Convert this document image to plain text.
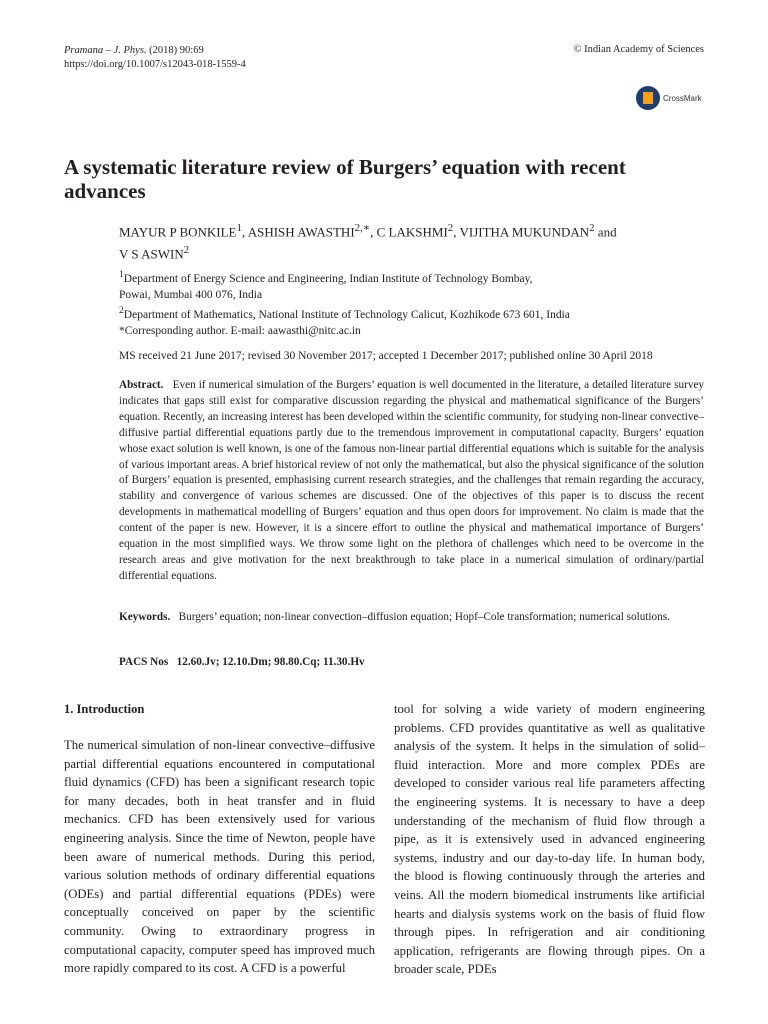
Pramana – J. Phys. (2018) 90:69
https://doi.org/10.1007/s12043-018-1559-4
© Indian Academy of Sciences
CrossMark
A systematic literature review of Burgers’ equation with recent advances
MAYUR P BONKILE$^1$, ASHISH $AWASTHI^{2,∗}$, C LAKSHMI$^2$, VIJITHA MUKUNDAN$^2$ and
V S ASWIN$^2$
$^1$Department of Energy Science and Engineering, Indian Institute of Technology Bombay,
Powai, Mumbai 400 076, India
$^2$Department of Mathematics, National Institute of Technology Calicut, Kozhikode 673 601, India
*Corresponding author. E-mail: aawasthi@nitc.ac.in
MS received 21 June 2017; revised 30 November 2017; accepted 1 December 2017; published online 30 April 2018
Abstract. Even if numerical simulation of the Burgers’ equation is well documented in the literature, a detailed literature survey indicates that gaps still exist for comparative discussion regarding the physical and mathematical significance of the Burgers’ equation. Recently, an increasing interest has been developed within the scientific community, for studying non-linear convective–diffusive partial differential equations partly due to the tremendous improvement in computational capacity. Burgers’ equation whose exact solution is well known, is one of the famous non-linear partial differential equations which is suitable for the analysis of various important areas. A brief historical review of not only the mathematical, but also the physical significance of the solution of Burgers’ equation is presented, emphasising current research strategies, and the challenges that remain regarding the accuracy, stability and convergence of various schemes are discussed. One of the objectives of this paper is to discuss the recent developments in mathematical modelling of Burgers’ equation and thus open doors for improvement. No claim is made that the content of the paper is new. However, it is a sincere effort to outline the physical and mathematical importance of Burgers’ equation in the most simplified ways. We throw some light on the plethora of challenges which need to be overcome in the research areas and give motivation for the next breakthrough to take place in a numerical simulation of ordinary/partial differential equations.
Keywords. Burgers’ equation; non-linear convection–diffusion equation; Hopf–Cole transformation; numerical solutions.
PACS Nos 12.60.Jv; 12.10.Dm; 98.80.Cq; 11.30.Hv
1. Introduction
The numerical simulation of non-linear convective–diffusive partial differential equations encountered in computational fluid dynamics (CFD) has been a significant research topic for many decades, both in heat transfer and in fluid mechanics. CFD has been extensively used for various engineering analysis. Since the time of Newton, people have been aware of numerical methods. During this period, various solution methods of ordinary differential equations (ODEs) and partial differential equations (PDEs) were conceptually conceived on paper by the scientific community. Owing to extraordinary progress in computational capacity, computer speed has improved much more rapidly compared to its cost. A CFD is a powerful
tool for solving a wide variety of modern engineering problems. CFD provides quantitative as well as qualitative analysis of the system. It helps in the simulation of solid–fluid interaction. More and more complex PDEs are developed to consider various real life parameters affecting the engineering systems. It is necessary to have a deep understanding of the mechanism of fluid flow through a pipe, as it is extensively used in advanced engineering systems, industry and our day-to-day life. In human body, the blood is flowing continuously through the arteries and veins. All the modern biomedical instruments like artificial hearts and dialysis systems work on the basis of fluid flow through pipes. In refrigeration and air conditioning application, refrigerants are flowing through pipes. On a broader scale, PDEs
